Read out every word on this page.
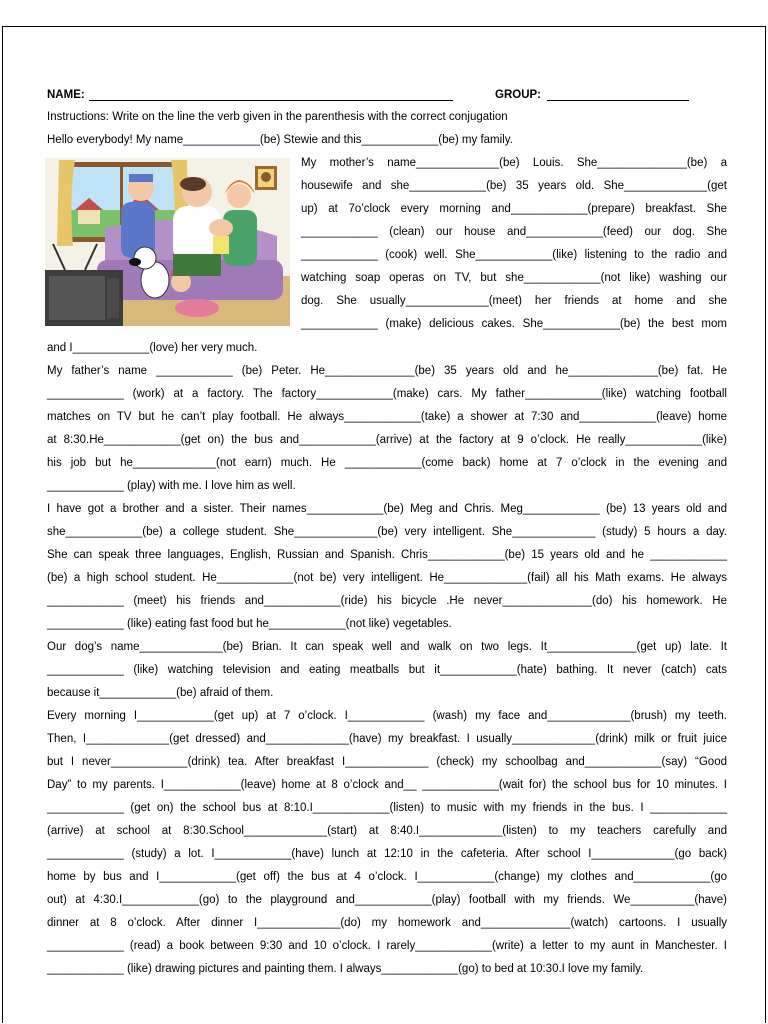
NAME:	GROUP:
Instructions: Write on the line the verb given in the parenthesis with the correct conjugation
Hello everybody! My name____________(be) Stewie and this____________(be) my family.
My mother’s name_____________(be) Louis. She______________(be) a
housewife and she____________(be) 35 years old. She_____________(get
up) at 7o’clock every morning and____________(prepare) breakfast. She
____________ (clean) our house and____________(feed) our dog. She
____________ (cook) well. She____________(like) listening to the radio and
watching soap operas on TV, but she____________(not like) washing our
dog. She usually_____________(meet) her friends at home and she
____________ (make) delicious cakes. She____________(be) the best mom
and I____________(love) her very much.
My father’s name ____________ (be) Peter. He______________(be) 35 years old and he______________(be) fat. He
____________ (work) at a factory. The factory____________(make) cars. My father____________(like) watching football
matches on TV but he can’t play football. He always____________(take) a shower at 7:30 and____________(leave) home
at 8:30.He____________(get on) the bus and____________(arrive) at the factory at 9 o’clock. He really____________(like)
his job but he_____________(not earn) much. He ____________(come back) home at 7 o’clock in the evening and
____________ (play) with me. I love him as well.
I have got a brother and a sister. Their names____________(be) Meg and Chris. Meg____________ (be) 13 years old and
she____________(be) a college student. She_____________(be) very intelligent. She_____________ (study) 5 hours a day.
She can speak three languages, English, Russian and Spanish. Chris____________(be) 15 years old and he ____________
(be) a high school student. He____________(not be) very intelligent. He_____________(fail) all his Math exams. He always
____________ (meet) his friends and____________(ride) his bicycle .He never______________(do) his homework. He
____________ (like) eating fast food but he____________(not like) vegetables.
Our dog’s name_____________(be) Brian. It can speak well and walk on two legs. It______________(get up) late. It
____________ (like) watching television and eating meatballs but it____________(hate) bathing. It never (catch) cats
because it____________(be) afraid of them.
Every morning I____________(get up) at 7 o’clock. I____________ (wash) my face and_____________(brush) my teeth.
Then, I_____________(get dressed) and_____________(have) my breakfast. I usually_____________(drink) milk or fruit juice
but I never____________(drink) tea. After breakfast I_____________ (check) my schoolbag and____________(say) “Good
Day” to my parents. I____________(leave) home at 8 o’clock and__ ____________(wait for) the school bus for 10 minutes. I
____________ (get on) the school bus at 8:10.I____________(listen) to music with my friends in the bus. I ____________
(arrive) at school at 8:30.School_____________(start) at 8:40.I_____________(listen) to my teachers carefully and
____________ (study) a lot. I____________(have) lunch at 12:10 in the cafeteria. After school I_____________(go back)
home by bus and I____________(get off) the bus at 4 o’clock. I____________(change) my clothes and____________(go
out) at 4:30.I____________(go) to the playground and____________(play) football with my friends. We__________(have)
dinner at 8 o’clock. After dinner I_____________(do) my homework and______________(watch) cartoons. I usually
____________ (read) a book between 9:30 and 10 o’clock. I rarely____________(write) a letter to my aunt in Manchester. I
____________ (like) drawing pictures and painting them. I always____________(go) to bed at 10:30.I love my family.
